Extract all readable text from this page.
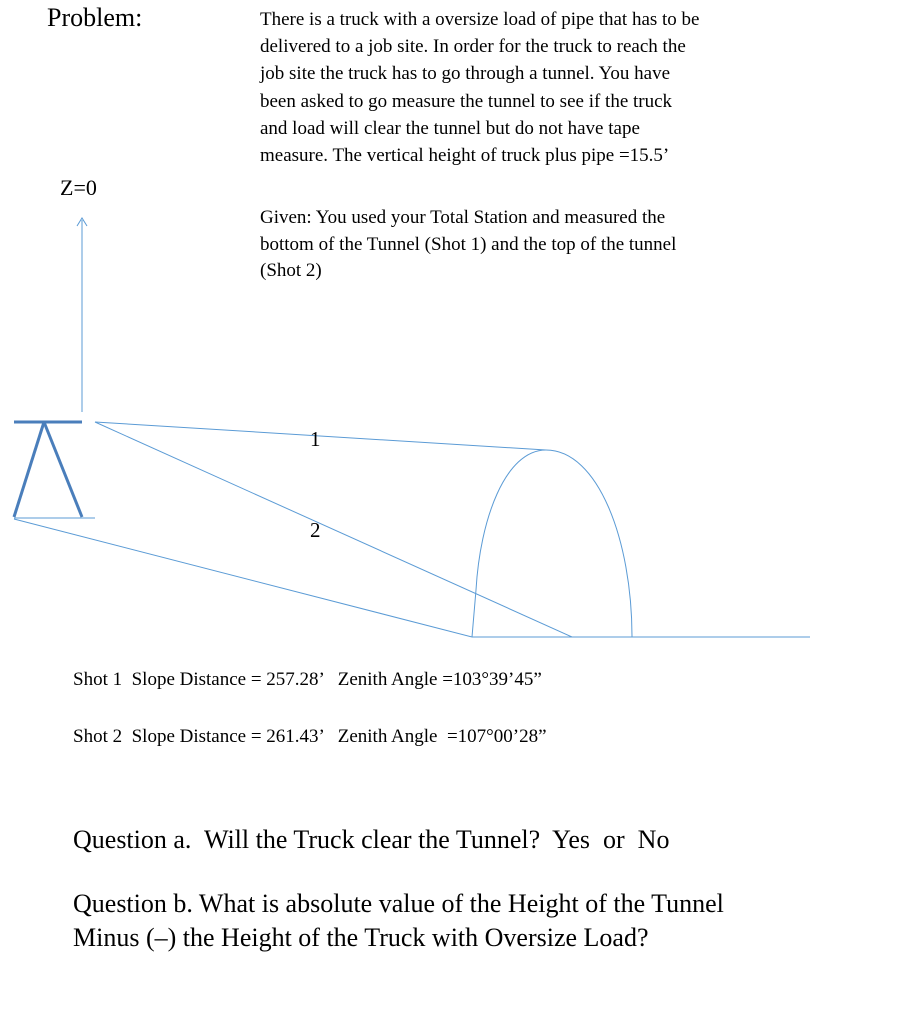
Problem:	There is a truck with a oversize load of pipe that has to be

delivered to a job site. In order for the truck to reach the

job site the truck has to go through a tunnel. You have

been asked to go measure the tunnel to see if the truck

and load will clear the tunnel but do not have tape

measure. The vertical height of truck plus pipe =15.5’

Given: You used your Total Station and measured the
bottom of the Tunnel (Shot 1) and the top of the tunnel
(Shot 2)
Z=0
1
2
Shot 1  Slope Distance = 257.28’   Zenith Angle =103°39’45”
Shot 2  Slope Distance = 261.43’   Zenith Angle  =107°00’28”
Question a.  Will the Truck clear the Tunnel?  Yes  or  No
Question b. What is absolute value of the Height of the Tunnel Minus (–) the Height of the Truck with Oversize Load?
